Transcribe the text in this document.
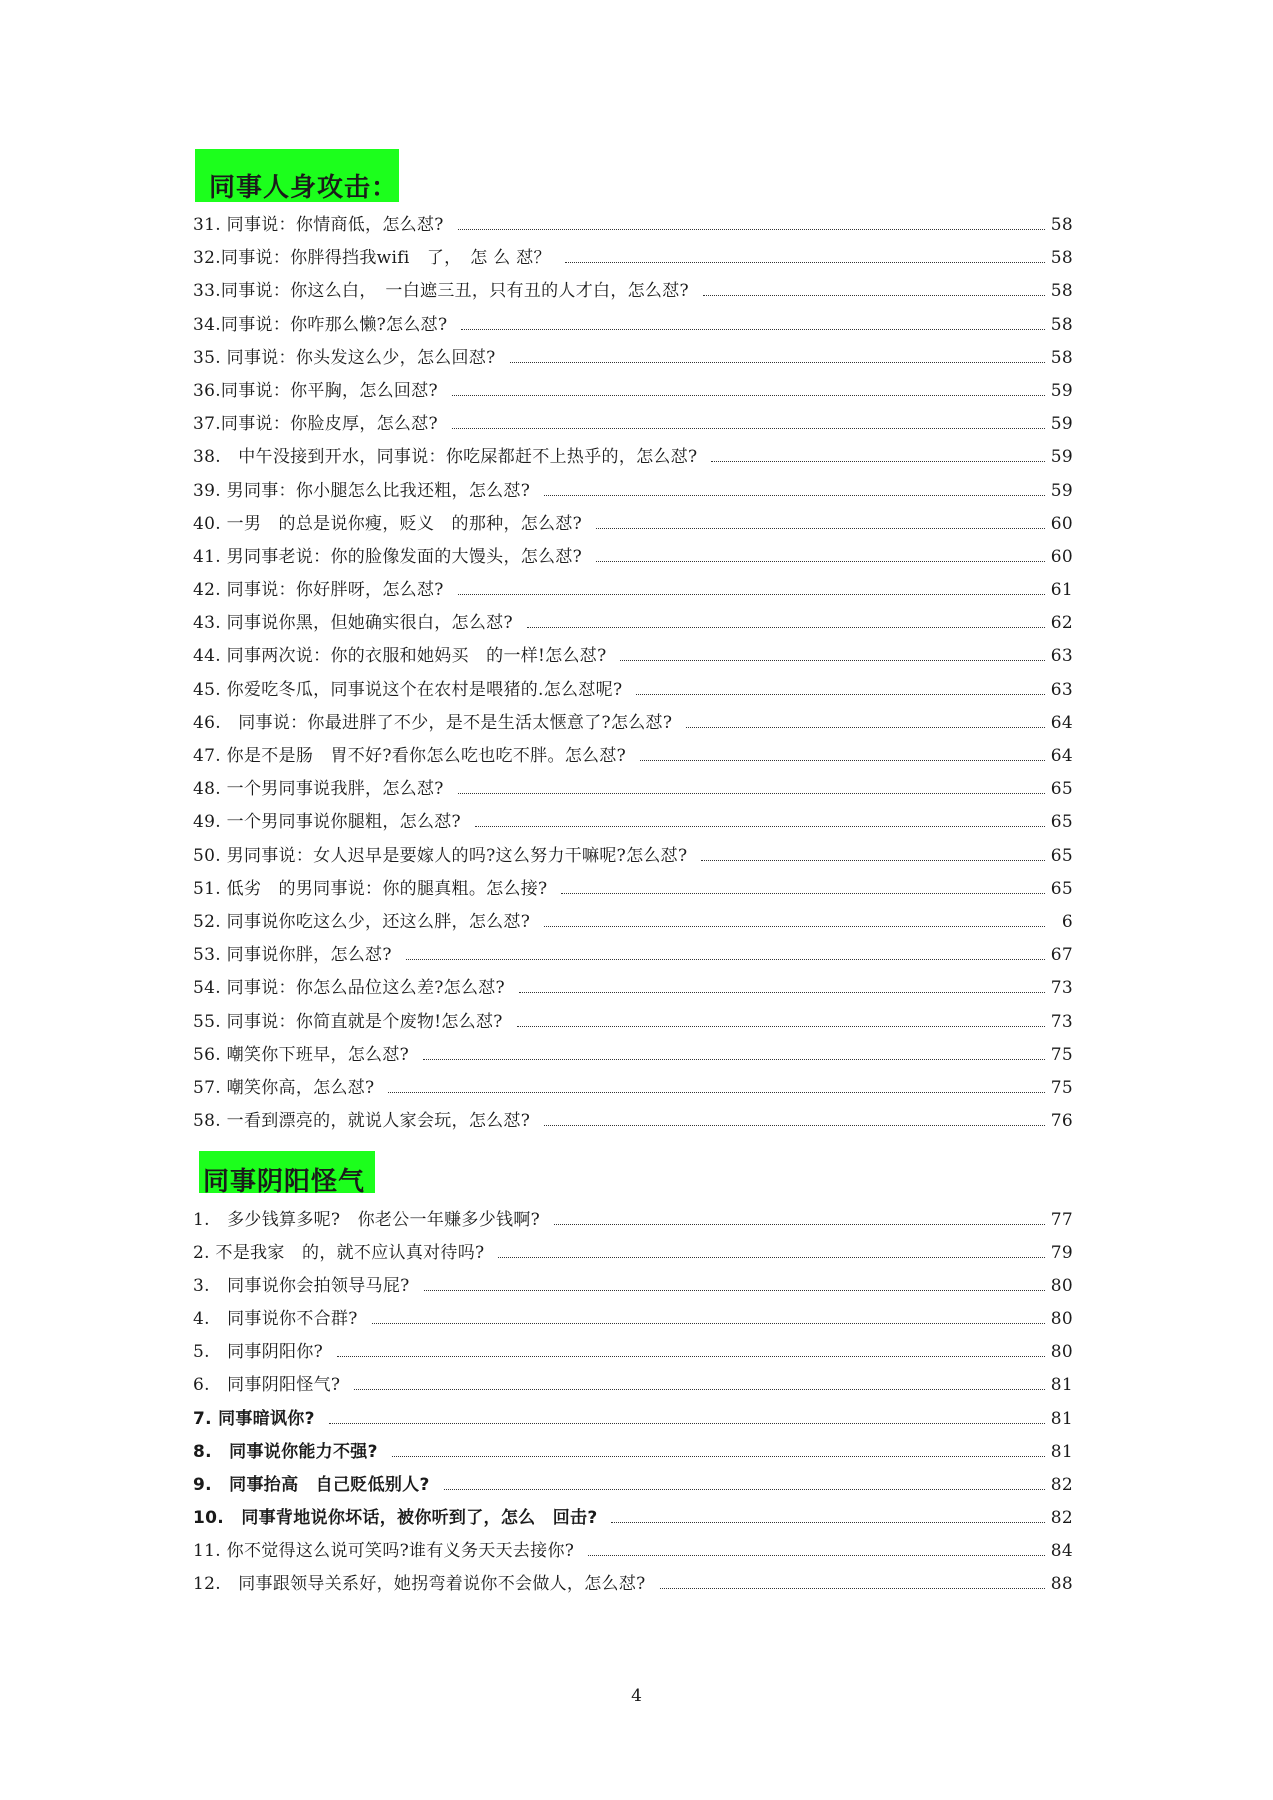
同事人身攻击：
31. 同事说：你情商低，怎么怼?	58
32.同事说：你胖得挡我wifi　了，　怎 么 怼？	58
33.同事说：你这么白，　一白遮三丑，只有丑的人才白，怎么怼?	58
34.同事说：你咋那么懒?怎么怼?	58
35. 同事说：你头发这么少，怎么回怼?	58
36.同事说：你平胸，怎么回怼?	59
37.同事说：你脸皮厚，怎么怼?	59
38.　中午没接到开水，同事说：你吃屎都赶不上热乎的，怎么怼?	59
39. 男同事：你小腿怎么比我还粗，怎么怼?	59
40. 一男　的总是说你瘦，贬义　的那种，怎么怼?	60
41. 男同事老说：你的脸像发面的大馒头，怎么怼?	60
42. 同事说：你好胖呀，怎么怼?	61
43. 同事说你黑，但她确实很白，怎么怼?	62
44. 同事两次说：你的衣服和她妈买　的一样!怎么怼?	63
45. 你爱吃冬瓜，同事说这个在农村是喂猪的.怎么怼呢?	63
46.　同事说：你最进胖了不少，是不是生活太惬意了?怎么怼?	64
47. 你是不是肠　胃不好?看你怎么吃也吃不胖。怎么怼?	64
48. 一个男同事说我胖，怎么怼?	65
49. 一个男同事说你腿粗，怎么怼?	65
50. 男同事说：女人迟早是要嫁人的吗?这么努力干嘛呢?怎么怼?	65
51. 低劣　的男同事说：你的腿真粗。怎么接?	65
52. 同事说你吃这么少，还这么胖，怎么怼?	6
53. 同事说你胖，怎么怼?	67
54. 同事说：你怎么品位这么差?怎么怼?	73
55. 同事说：你简直就是个废物!怎么怼?	73
56. 嘲笑你下班早，怎么怼?	75
57. 嘲笑你高，怎么怼?	75
58. 一看到漂亮的，就说人家会玩，怎么怼?	76
同事阴阳怪气
1.　多少钱算多呢?　你老公一年赚多少钱啊?	77
2. 不是我家　的，就不应认真对待吗?	79
3.　同事说你会拍领导马屁?	80
4.　同事说你不合群?	80
5.　同事阴阳你?	80
6.　同事阴阳怪气?	81
7. 同事暗讽你?	81
8.　同事说你能力不强?	81
9.　同事抬高　自己贬低别人?	82
10.　同事背地说你坏话，被你听到了，怎么　回击?	82
11. 你不觉得这么说可笑吗?谁有义务天天去接你?	84
12.　同事跟领导关系好，她拐弯着说你不会做人，怎么怼?	88
4
